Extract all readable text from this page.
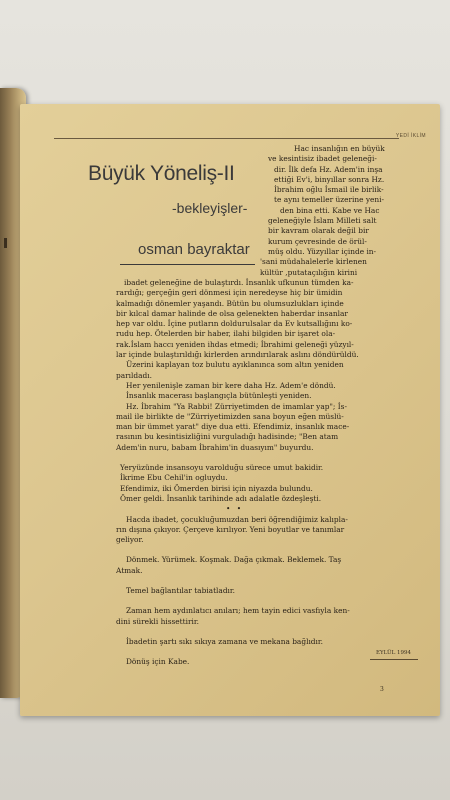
YEDİ İKLİM
Büyük Yöneliş-II
-bekleyişler-
osman bayraktar
Hac insanlığın en büyük
ve kesintisiz ibadet geleneği-
dir. İlk defa Hz. Adem'in inşa
ettiği Ev'i, binyıllar sonra Hz.
İbrahim oğlu İsmail ile birlik-
te aynı temeller üzerine yeni-
den bina etti. Kabe ve Hac
geleneğiyle İslam Milleti salt
bir kavram olarak değil bir
kurum çevresinde de örül-
müş oldu. Yüzyıllar içinde in-
'sani müdahalelerle kirlenen
kültür ,putataçılığın kirini
ibadet geleneğine de bulaştırdı. İnsanlık ufkunun tümden ka-
rardığı; gerçeğin geri dönmesi için neredeyse hiç bir ümidin
kalmadığı dönemler yaşandı. Bütün bu olumsuzlukları içinde
bir kılcal damar halinde de olsa gelenekten haberdar insanlar
hep var oldu. İçine putların doldurulsalar da Ev kutsallığını ko-
rudu hep. Ötelerden bir haber, ilahi bilgiden bir işaret ola-
rak.İslam haccı yeniden ihdas etmedi; İbrahimi geleneği yüzyıl-
lar içinde bulaştırıldığı kirlerden arındırılarak aslını döndürüldü.
Üzerini kaplayan toz bulutu ayıklanınca som altın yeniden
parıldadı.
Her yenilenişle zaman bir kere daha Hz. Adem'e döndü.
İnsanlık macerası başlangıçla bütünleşti yeniden.
Hz. İbrahim "Ya Rabbi! Zürriyetimden de imamlar yap"; İs-
mail ile birlikte de "Zürriyetimizden sana boyun eğen müslü-
man bir ümmet yarat" diye dua etti. Efendimiz, insanlık mace-
rasının bu kesintisizliğini vurguladığı hadisinde; "Ben atam
Adem'in nuru, babam İbrahim'in duasıyım" buyurdu.
Yeryüzünde insansoyu varolduğu sürece umut bakidir.
İkrime Ebu Cehil'in ogluydu.
Efendimiz, iki Ömerden birisi için niyazda bulundu.
Ömer geldi. İnsanlık tarihinde adı adalatle özdeşleşti.
• •
Hacda ibadet, çocukluğumuzdan beri öğrendiğimiz kalıpla-
rın dışına çıkıyor. Çerçeve kırılıyor. Yeni boyutlar ve tanımlar
geliyor.
Dönmek. Yürümek. Koşmak. Dağa çıkmak. Beklemek. Taş
Atmak.
Temel bağlantılar tabiatladır.
Zaman hem aydınlatıcı anıları; hem tayin edici vasfıyla ken-
dini sürekli hissettirir.
İbadetin şartı sıkı sıkıya zamana ve mekana bağlıdır.
Dönüş için Kabe.
EYLÜL 1994
3
